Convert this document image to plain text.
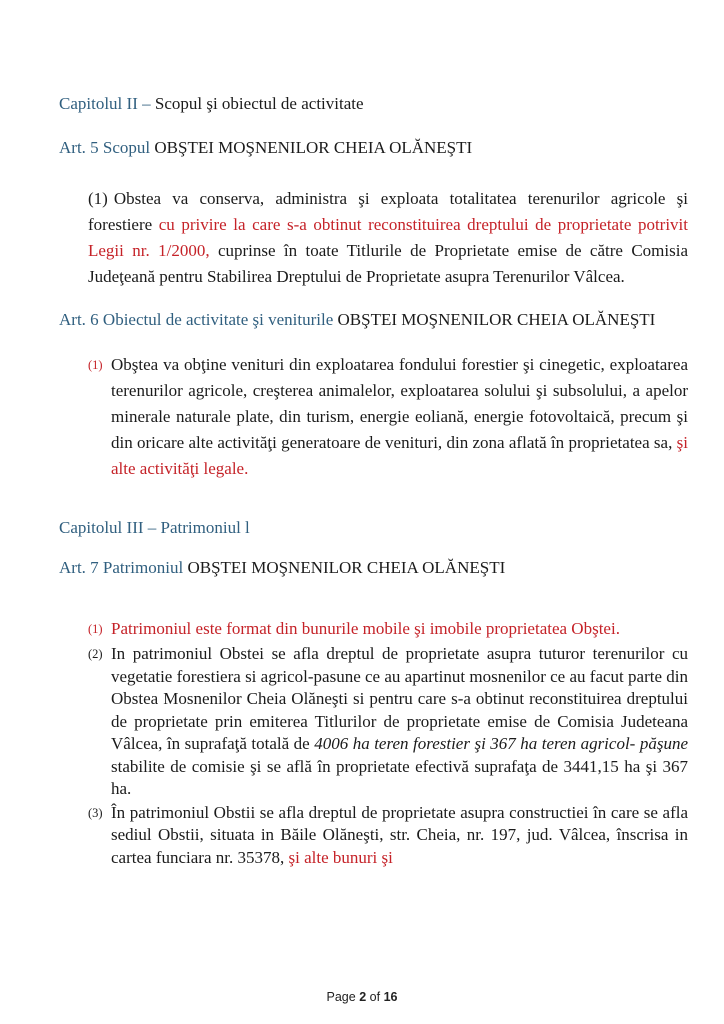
Capitolul II – Scopul şi obiectul de activitate
Art. 5 Scopul OBŞTEI MOŞNENILOR CHEIA OLĂNEŞTI

(1) Obstea va conserva, administra şi exploata totalitatea terenurilor agricole şi forestiere cu privire la care s-a obtinut reconstituirea dreptului de proprietate potrivit Legii nr. 1/2000, cuprinse în toate Titlurile de Proprietate emise de către Comisia Judeţeană pentru Stabilirea Dreptului de Proprietate asupra Terenurilor Vâlcea.

Art. 6 Obiectul de activitate şi veniturile OBŞTEI MOŞNENILOR CHEIA OLĂNEŞTI

(1) Obştea va obţine venituri din exploatarea fondului forestier şi cinegetic, exploatarea terenurilor agricole, creşterea animalelor, exploatarea solului şi subsolului, a apelor minerale naturale plate, din turism, energie eoliană, energie fotovoltaică, precum şi din oricare alte activităţi generatoare de venituri, din zona aflată în proprietatea sa, şi alte activităţi legale.

Capitolul III – Patrimoniul l
Art. 7 Patrimoniul OBŞTEI MOŞNENILOR CHEIA OLĂNEŞTI

(1) Patrimoniul este format din bunurile mobile şi imobile proprietatea Obştei.

(2) In patrimoniul Obstei se afla dreptul de proprietate asupra tuturor terenurilor cu vegetatie forestiera si agricol-pasune ce au apartinut mosnenilor ce au facut parte din Obstea Mosnenilor Cheia Olăneşti si pentru care s-a obtinut reconstituirea dreptului de proprietate prin emiterea Titlurilor de proprietate emise de Comisia Judeteana Vâlcea, în suprafaţă totală de 4006 ha teren forestier şi 367 ha teren agricol- păşune stabilite de comisie şi se află în proprietate efectivă suprafaţa de 3441,15 ha şi 367 ha.

(3) În patrimoniul Obstii se afla dreptul de proprietate asupra constructiei în care se afla sediul Obstii, situata in Băile Olăneşti, str. Cheia, nr. 197, jud. Vâlcea, înscrisa in cartea funciara nr. 35378, şi alte bunuri şi

Page 2 of 16
